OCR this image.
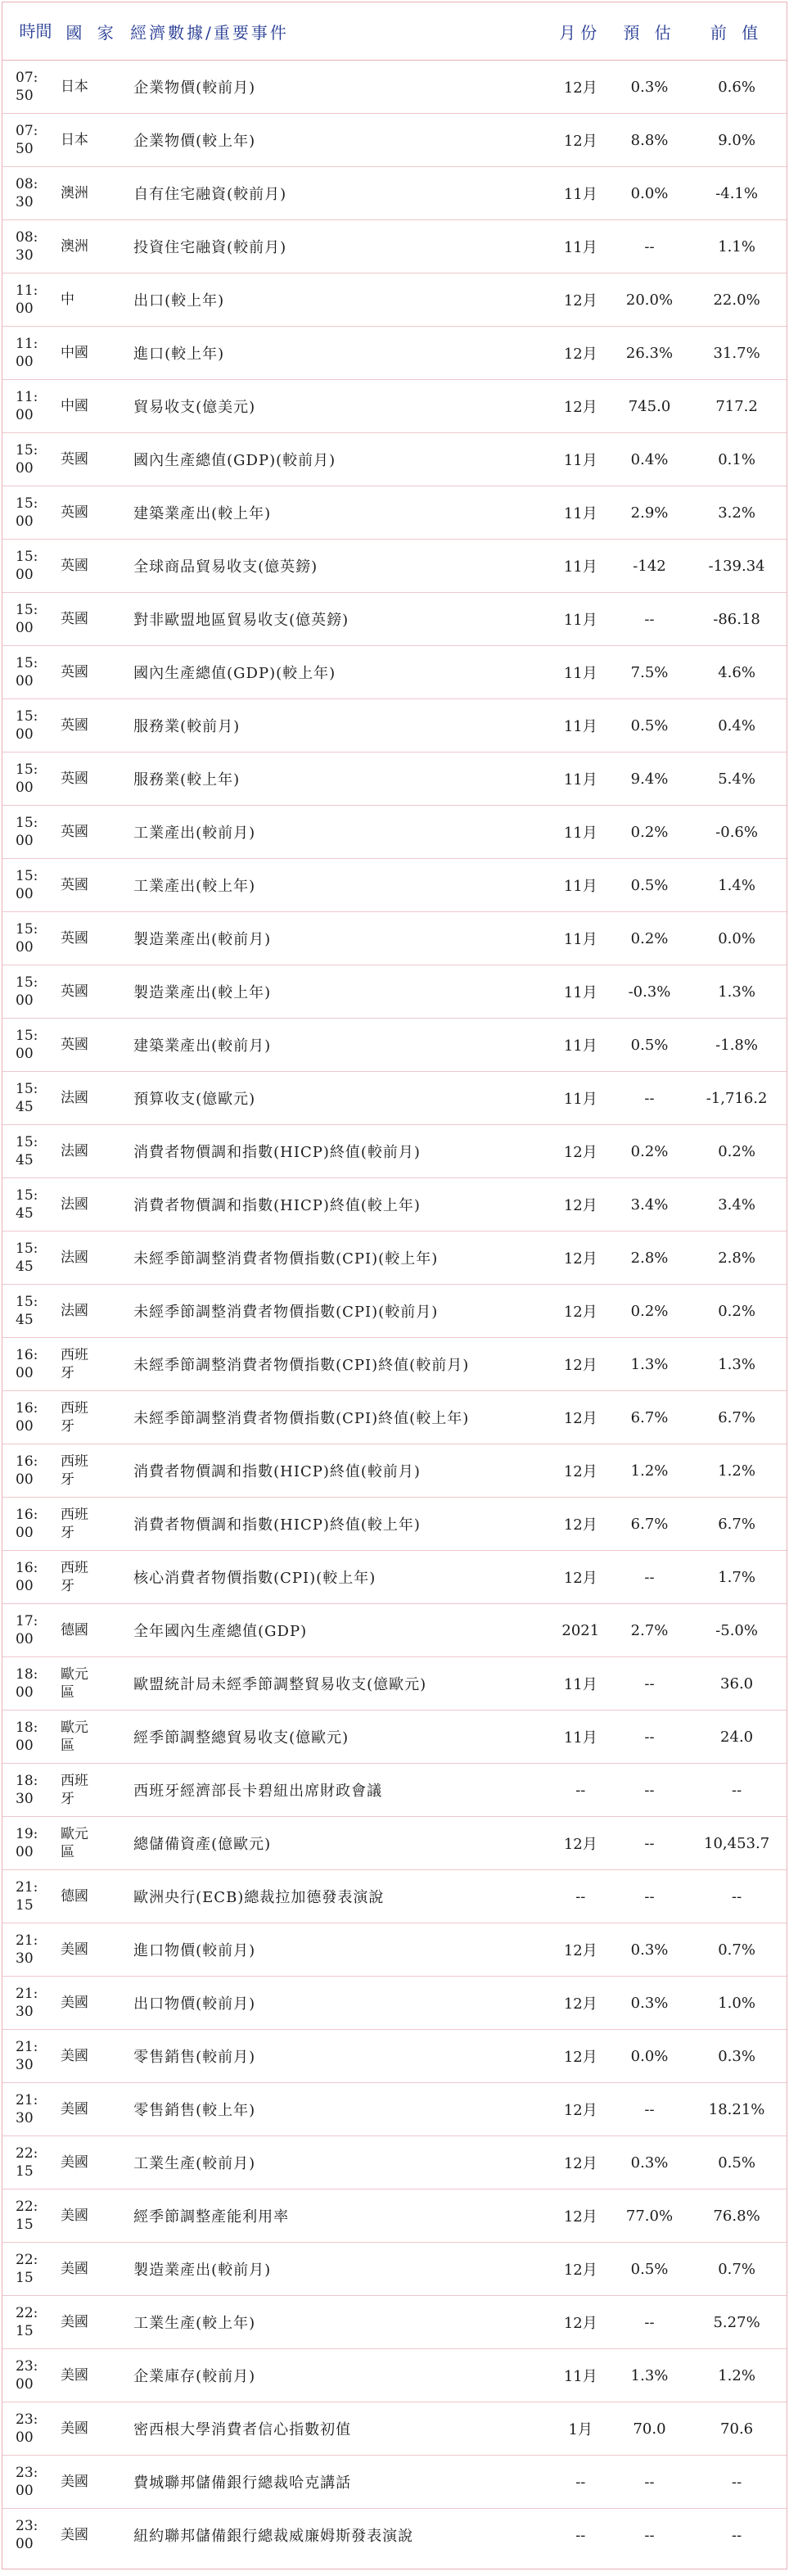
時間	國 家	經濟數據/重要事件	月份	預 估	前 值

07:50	日本	企業物價(較前月)	12月	0.3%	0.6%

07:50	日本	企業物價(較上年)	12月	8.8%	9.0%

08:30	澳洲	自有住宅融資(較前月)	11月	0.0%	-4.1%

08:30	澳洲	投資住宅融資(較前月)	11月	--	1.1%

11:00	中	出口(較上年)	12月	20.0%	22.0%

11:00	中國	進口(較上年)	12月	26.3%	31.7%

11:00	中國	貿易收支(億美元)	12月	745.0	717.2

15:00	英國	國內生產總值(GDP)(較前月)	11月	0.4%	0.1%

15:00	英國	建築業產出(較上年)	11月	2.9%	3.2%

15:00	英國	全球商品貿易收支(億英鎊)	11月	-142	-139.34

15:00	英國	對非歐盟地區貿易收支(億英鎊)	11月	--	-86.18

15:00	英國	國內生產總值(GDP)(較上年)	11月	7.5%	4.6%

15:00	英國	服務業(較前月)	11月	0.5%	0.4%

15:00	英國	服務業(較上年)	11月	9.4%	5.4%

15:00	英國	工業產出(較前月)	11月	0.2%	-0.6%

15:00	英國	工業產出(較上年)	11月	0.5%	1.4%

15:00	英國	製造業產出(較前月)	11月	0.2%	0.0%

15:00	英國	製造業產出(較上年)	11月	-0.3%	1.3%

15:00	英國	建築業產出(較前月)	11月	0.5%	-1.8%

15:45	法國	預算收支(億歐元)	11月	--	-1,716.2

15:45	法國	消費者物價調和指數(HICP)終值(較前月)	12月	0.2%	0.2%

15:45	法國	消費者物價調和指數(HICP)終值(較上年)	12月	3.4%	3.4%

15:45	法國	未經季節調整消費者物價指數(CPI)(較上年)	12月	2.8%	2.8%

15:45	法國	未經季節調整消費者物價指數(CPI)(較前月)	12月	0.2%	0.2%

16:00	西班牙	未經季節調整消費者物價指數(CPI)終值(較前月)	12月	1.3%	1.3%

16:00	西班牙	未經季節調整消費者物價指數(CPI)終值(較上年)	12月	6.7%	6.7%

16:00	西班牙	消費者物價調和指數(HICP)終值(較前月)	12月	1.2%	1.2%

16:00	西班牙	消費者物價調和指數(HICP)終值(較上年)	12月	6.7%	6.7%

16:00	西班牙	核心消費者物價指數(CPI)(較上年)	12月	--	1.7%

17:00	德國	全年國內生產總值(GDP)	2021	2.7%	-5.0%

18:00	歐元區	歐盟統計局未經季節調整貿易收支(億歐元)	11月	--	36.0

18:00	歐元區	經季節調整總貿易收支(億歐元)	11月	--	24.0

18:30	西班牙	西班牙經濟部長卡碧紐出席財政會議	--	--	--

19:00	歐元區	總儲備資產(億歐元)	12月	--	10,453.7

21:15	德國	歐洲央行(ECB)總裁拉加德發表演說	--	--	--

21:30	美國	進口物價(較前月)	12月	0.3%	0.7%

21:30	美國	出口物價(較前月)	12月	0.3%	1.0%

21:30	美國	零售銷售(較前月)	12月	0.0%	0.3%

21:30	美國	零售銷售(較上年)	12月	--	18.21%

22:15	美國	工業生產(較前月)	12月	0.3%	0.5%

22:15	美國	經季節調整產能利用率	12月	77.0%	76.8%

22:15	美國	製造業產出(較前月)	12月	0.5%	0.7%

22:15	美國	工業生產(較上年)	12月	--	5.27%

23:00	美國	企業庫存(較前月)	11月	1.3%	1.2%

23:00	美國	密西根大學消費者信心指數初值	1月	70.0	70.6

23:00	美國	費城聯邦儲備銀行總裁哈克講話	--	--	--

23:00	美國	紐約聯邦儲備銀行總裁威廉姆斯發表演說	--	--	--
